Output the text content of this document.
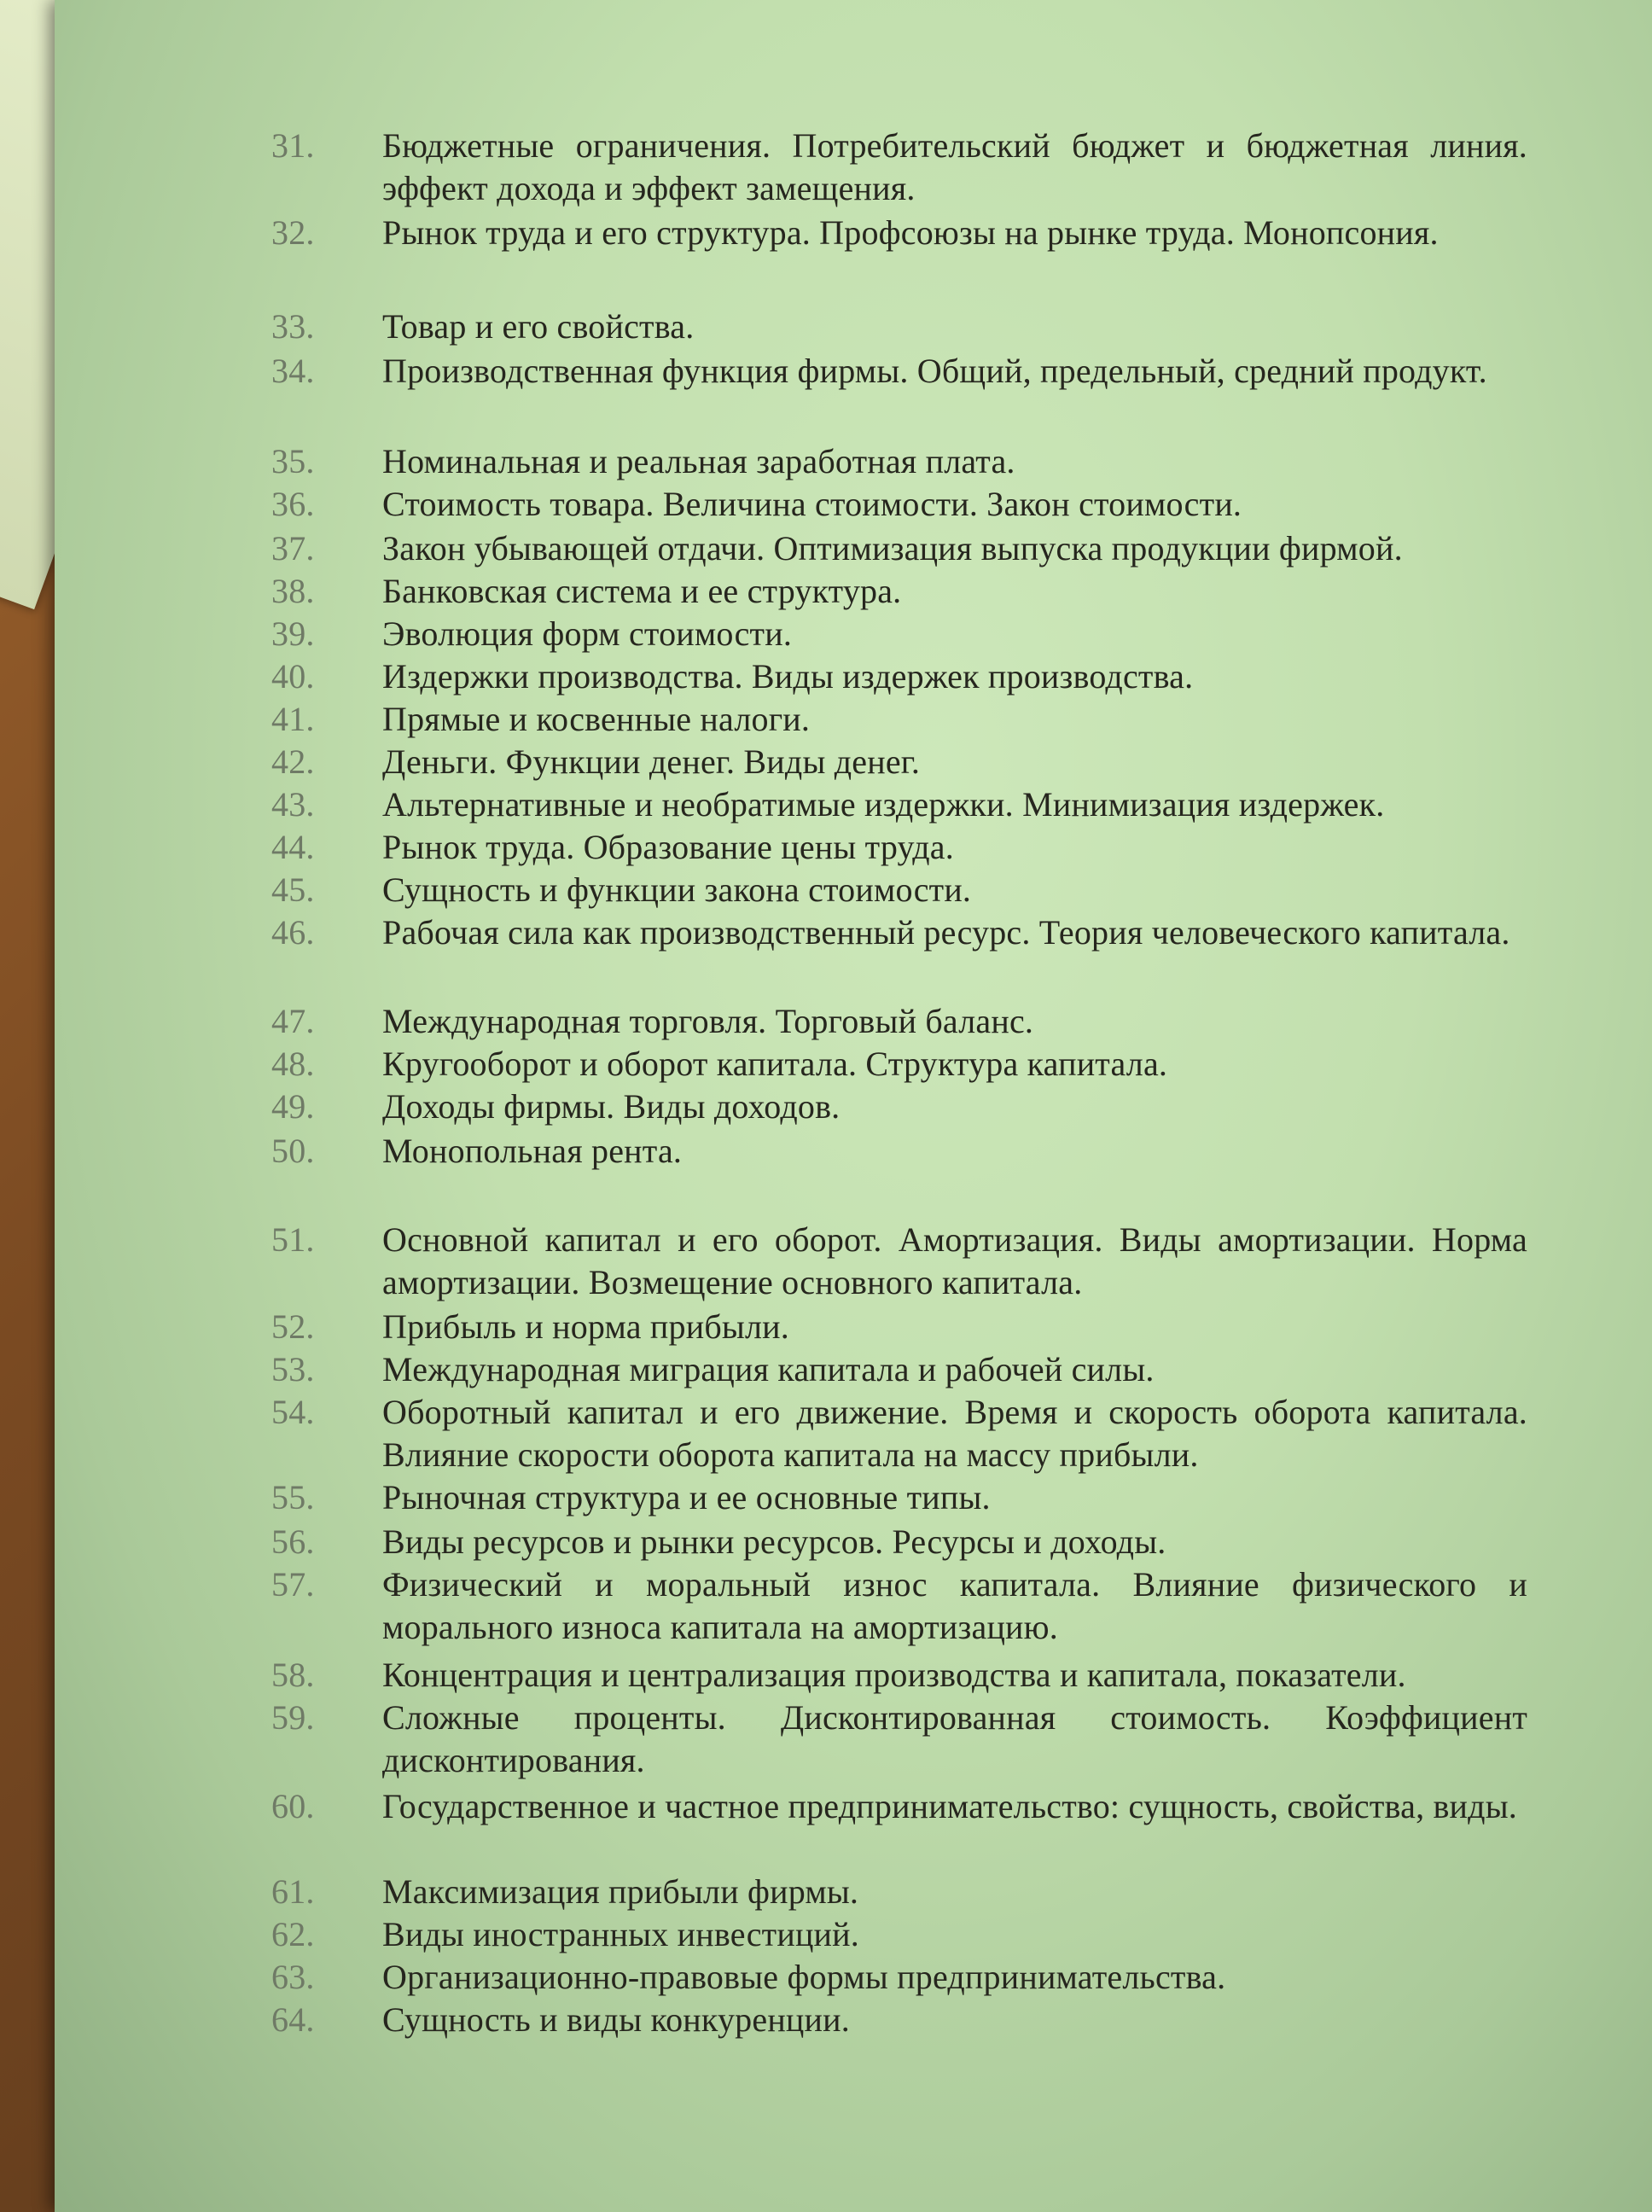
31.	Бюджетные ограничения. Потребительский бюджет и бюджетная линия. эффект дохода и эффект замещения.
32.	Рынок труда и его структура. Профсоюзы на рынке труда. Монопсония.
33.	Товар и его свойства.
34.	Производственная функция фирмы. Общий, предельный, средний продукт.
35.	Номинальная и реальная заработная плата.
36.	Стоимость товара. Величина стоимости. Закон стоимости.
37.	Закон убывающей отдачи. Оптимизация выпуска продукции фирмой.
38.	Банковская система и ее структура.
39.	Эволюция форм стоимости.
40.	Издержки производства. Виды издержек производства.
41.	Прямые и косвенные налоги.
42.	Деньги. Функции денег. Виды денег.
43.	Альтернативные и необратимые издержки. Минимизация издержек.
44.	Рынок труда. Образование цены труда.
45.	Сущность и функции закона стоимости.
46.	Рабочая сила как производственный ресурс. Теория человеческого капитала.
47.	Международная торговля. Торговый баланс.
48.	Кругооборот и оборот капитала. Структура капитала.
49.	Доходы фирмы. Виды доходов.
50.	Монопольная рента.
51.	Основной капитал и его оборот. Амортизация. Виды амортизации. Норма амортизации. Возмещение основного капитала.
52.	Прибыль и норма прибыли.
53.	Международная миграция капитала и рабочей силы.
54.	Оборотный капитал и его движение. Время и скорость оборота капитала. Влияние скорости оборота капитала на массу прибыли.
55.	Рыночная структура и ее основные типы.
56.	Виды ресурсов и рынки ресурсов. Ресурсы и доходы.
57.	Физический и моральный износ капитала. Влияние физического и морального износа капитала на амортизацию.
58.	Концентрация и централизация производства и капитала, показатели.
59.	Сложные проценты. Дисконтированная стоимость. Коэффициент дисконтирования.
60.	Государственное и частное предпринимательство: сущность, свойства, виды.
61.	Максимизация прибыли фирмы.
62.	Виды иностранных инвестиций.
63.	Организационно-правовые формы предпринимательства.
64.	Сущность и виды конкуренции.
